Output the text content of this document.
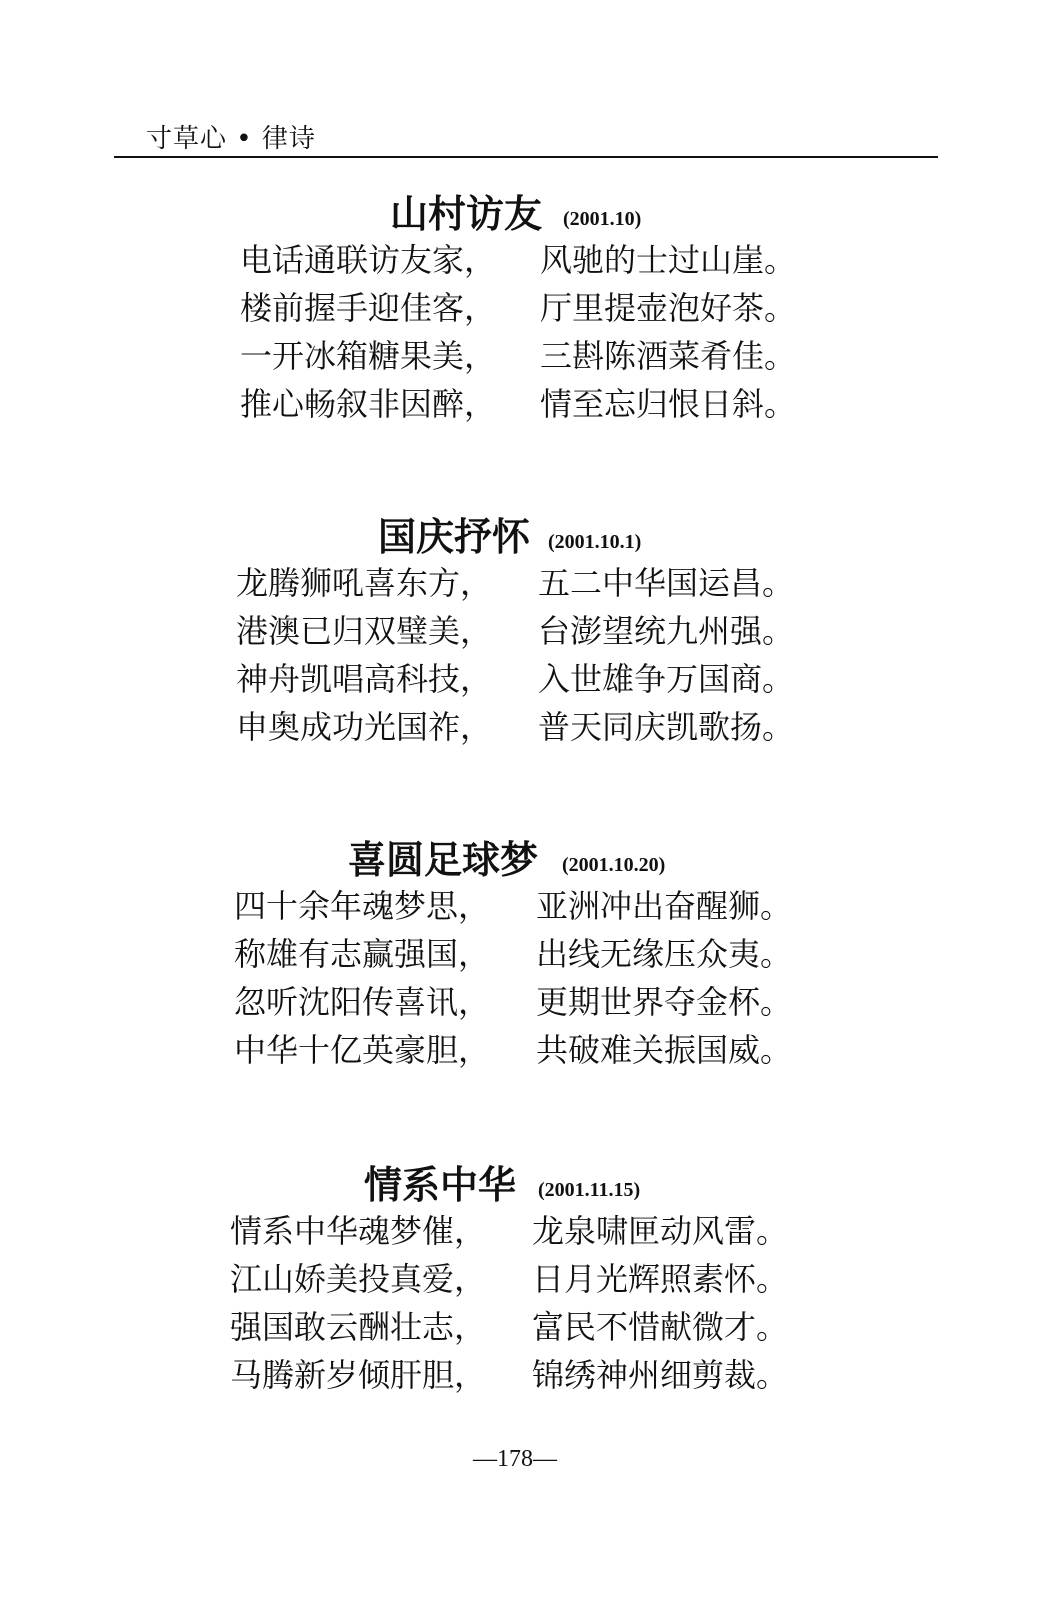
寸草心 • 律诗
山村访友 (2001.10)
电话通联访友家， 风驰的士过山崖。
楼前握手迎佳客， 厅里提壶泡好茶。
一开冰箱糖果美， 三斟陈酒菜肴佳。
推心畅叙非因醉， 情至忘归恨日斜。
国庆抒怀 (2001.10.1)
龙腾狮吼喜东方， 五二中华国运昌。
港澳已归双璧美， 台澎望统九州强。
神舟凯唱高科技， 入世雄争万国商。
申奥成功光国祚， 普天同庆凯歌扬。
喜圆足球梦 (2001.10.20)
四十余年魂梦思， 亚洲冲出奋醒狮。
称雄有志赢强国， 出线无缘压众夷。
忽听沈阳传喜讯， 更期世界夺金杯。
中华十亿英豪胆， 共破难关振国威。
情系中华 (2001.11.15)
情系中华魂梦催， 龙泉啸匣动风雷。
江山娇美投真爱， 日月光辉照素怀。
强国敢云酬壮志， 富民不惜献微才。
马腾新岁倾肝胆， 锦绣神州细剪裁。
—178—
